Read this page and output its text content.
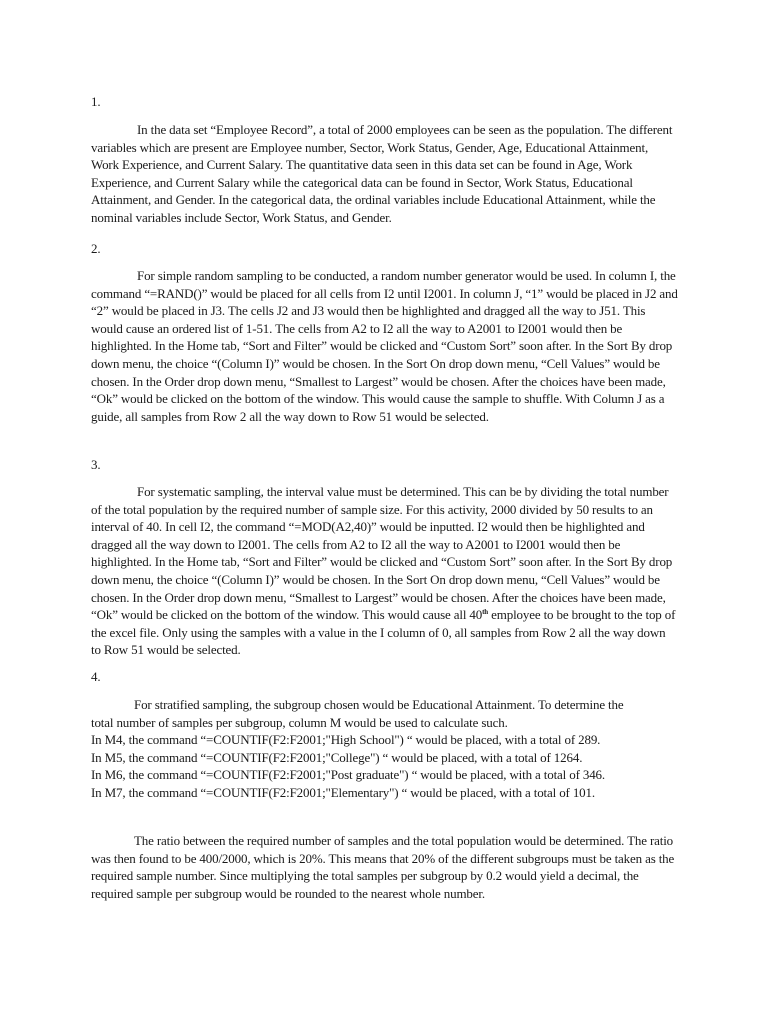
1.

In the data set “Employee Record”, a total of 2000 employees can be seen as the population. The different variables which are present are Employee number, Sector, Work Status, Gender, Age, Educational Attainment, Work Experience, and Current Salary. The quantitative data seen in this data set can be found in Age, Work Experience, and Current Salary while the categorical data can be found in Sector, Work Status, Educational Attainment, and Gender. In the categorical data, the ordinal variables include Educational Attainment, while the nominal variables include Sector, Work Status, and Gender.

2.

For simple random sampling to be conducted, a random number generator would be used. In column I, the command “=RAND()” would be placed for all cells from I2 until I2001. In column J, “1” would be placed in J2 and “2” would be placed in J3. The cells J2 and J3 would then be highlighted and dragged all the way to J51. This would cause an ordered list of 1-51. The cells from A2 to I2 all the way to A2001 to I2001 would then be highlighted. In the Home tab, “Sort and Filter” would be clicked and “Custom Sort” soon after. In the Sort By drop down menu, the choice “(Column I)” would be chosen. In the Sort On drop down menu, “Cell Values” would be chosen. In the Order drop down menu, “Smallest to Largest” would be chosen. After the choices have been made, “Ok” would be clicked on the bottom of the window. This would cause the sample to shuffle. With Column J as a guide, all samples from Row 2 all the way down to Row 51 would be selected.

3.

For systematic sampling, the interval value must be determined. This can be by dividing the total number of the total population by the required number of sample size. For this activity, 2000 divided by 50 results to an interval of 40. In cell I2, the command “=MOD(A2,40)” would be inputted. I2 would then be highlighted and dragged all the way down to I2001. The cells from A2 to I2 all the way to A2001 to I2001 would then be highlighted. In the Home tab, “Sort and Filter” would be clicked and “Custom Sort” soon after. In the Sort By drop down menu, the choice “(Column I)” would be chosen. In the Sort On drop down menu, “Cell Values” would be chosen. In the Order drop down menu, “Smallest to Largest” would be chosen. After the choices have been made, “Ok” would be clicked on the bottom of the window. This would cause all 40th employee to be brought to the top of the excel file. Only using the samples with a value in the I column of 0, all samples from Row 2 all the way down to Row 51 would be selected.

4.

For stratified sampling, the subgroup chosen would be Educational Attainment. To determine the
total number of samples per subgroup, column M would be used to calculate such.
In M4, the command “=COUNTIF(F2:F2001;"High School") “ would be placed, with a total of 289.
In M5, the command “=COUNTIF(F2:F2001;"College") “ would be placed, with a total of 1264.
In M6, the command “=COUNTIF(F2:F2001;"Post graduate") “ would be placed, with a total of 346.
In M7, the command “=COUNTIF(F2:F2001;"Elementary") “ would be placed, with a total of 101.

The ratio between the required number of samples and the total population would be determined. The ratio was then found to be 400/2000, which is 20%. This means that 20% of the different subgroups must be taken as the required sample number. Since multiplying the total samples per subgroup by 0.2 would yield a decimal, the required sample per subgroup would be rounded to the nearest whole number.
